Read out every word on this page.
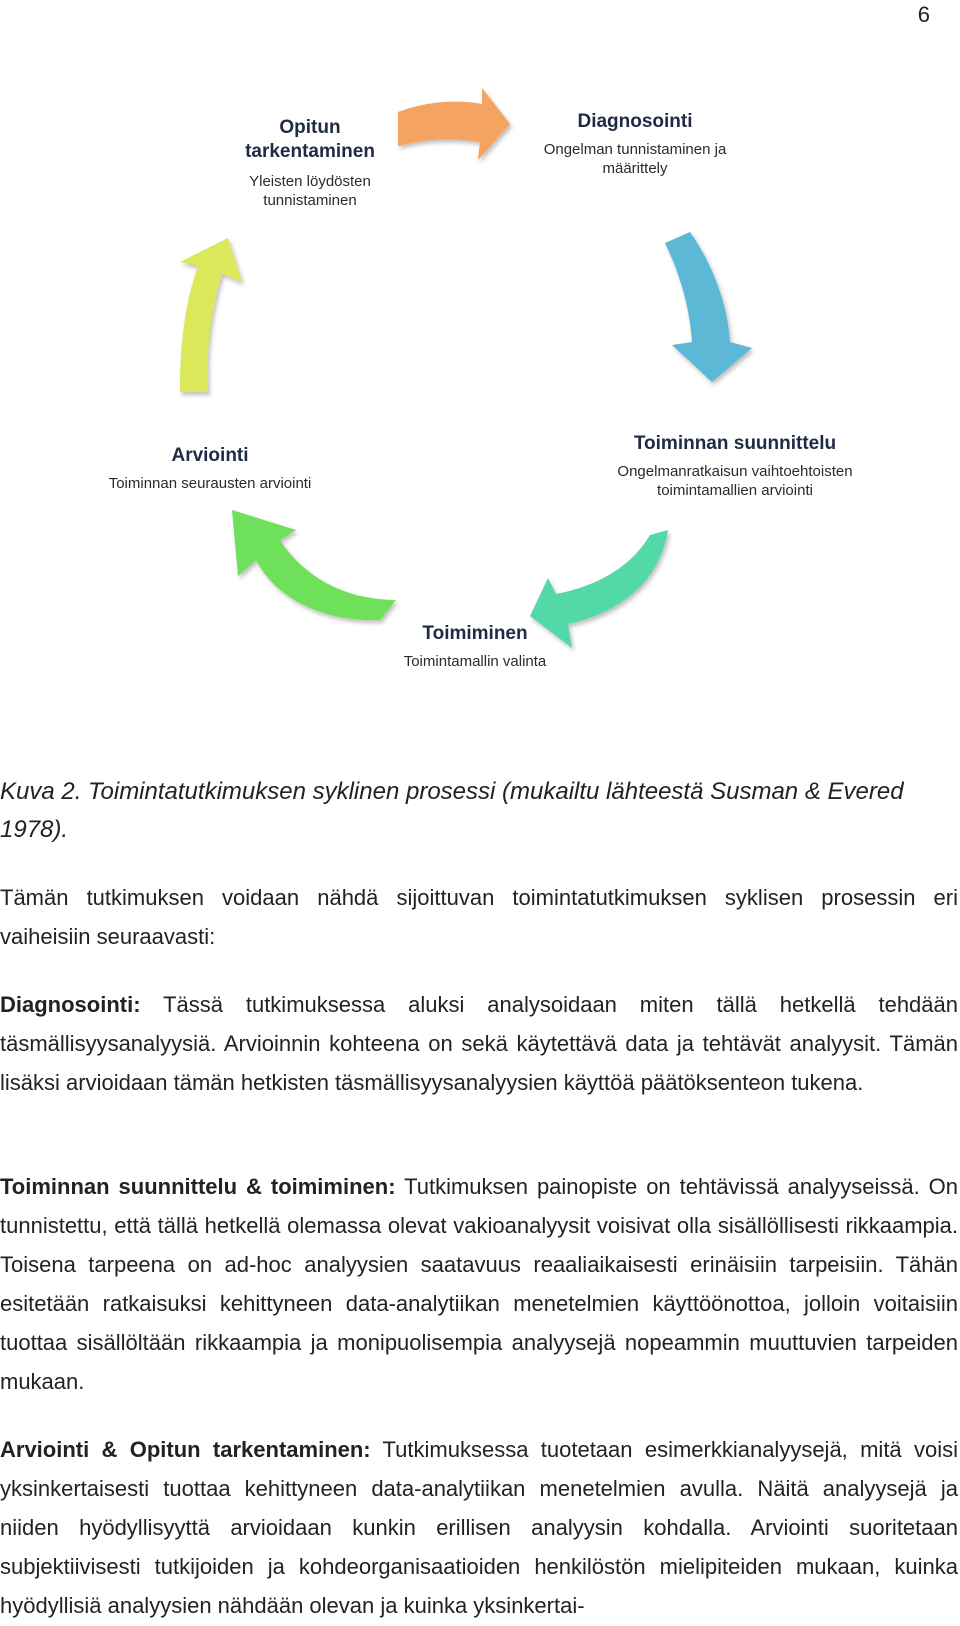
6
Opitun tarkentaminen
Yleisten löydösten tunnistaminen
Diagnosointi
Ongelman tunnistaminen ja määrittely
Toiminnan suunnittelu
Ongelmanratkaisun vaihtoehtoisten toimintamallien arviointi
Toimiminen
Toimintamallin valinta
Arviointi
Toiminnan seurausten arviointi
Kuva 2. Toimintatutkimuksen syklinen prosessi (mukailtu lähteestä Susman & Evered 1978).

Tämän tutkimuksen voidaan nähdä sijoittuvan toimintatutkimuksen syklisen prosessin eri vaiheisiin seuraavasti:

Diagnosointi: Tässä tutkimuksessa aluksi analysoidaan miten tällä hetkellä tehdään täsmällisyysanalyysiä. Arvioinnin kohteena on sekä käytettävä data ja tehtävät analyysit. Tämän lisäksi arvioidaan tämän hetkisten täsmällisyysanalyysien käyttöä päätöksenteon tukena.

Toiminnan suunnittelu & toimiminen: Tutkimuksen painopiste on tehtävissä analyyseissä. On tunnistettu, että tällä hetkellä olemassa olevat vakioanalyysit voisivat olla sisällöllisesti rikkaampia. Toisena tarpeena on ad-hoc analyysien saatavuus reaaliaikaisesti erinäisiin tarpeisiin. Tähän esitetään ratkaisuksi kehittyneen data-analytiikan menetelmien käyttöönottoa, jolloin voitaisiin tuottaa sisällöltään rikkaampia ja monipuolisempia analyysejä nopeammin muuttuvien tarpeiden mukaan.

Arviointi & Opitun tarkentaminen: Tutkimuksessa tuotetaan esimerkkianalyysejä, mitä voisi yksinkertaisesti tuottaa kehittyneen data-analytiikan menetelmien avulla. Näitä analyysejä ja niiden hyödyllisyyttä arvioidaan kunkin erillisen analyysin kohdalla. Arviointi suoritetaan subjektiivisesti tutkijoiden ja kohdeorganisaatioiden henkilöstön mielipiteiden mukaan, kuinka hyödyllisiä analyysien nähdään olevan ja kuinka yksinkertai-
